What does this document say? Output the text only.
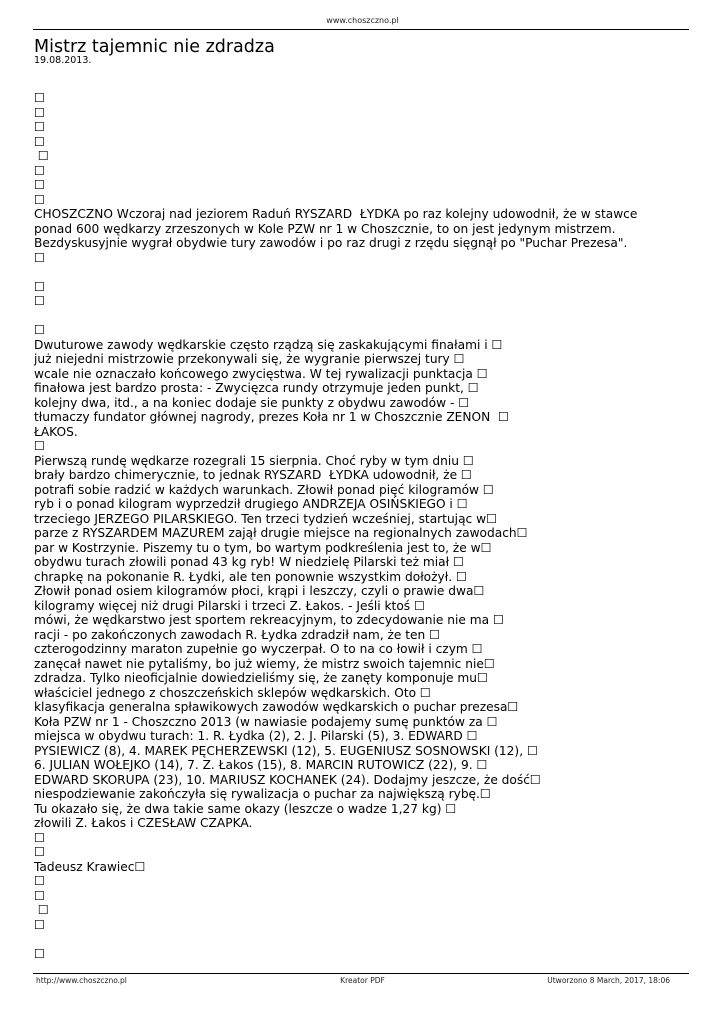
www.choszczno.pl
Mistrz tajemnic nie zdradza
19.08.2013.
☐
☐
☐
☐
☐
☐
☐
☐
CHOSZCZNO Wczoraj nad jeziorem Raduń RYSZARD  ŁYDKA po raz kolejny udowodnił, że w stawce
ponad 600 wędkarzy zrzeszonych w Kole PZW nr 1 w Choszcznie, to on jest jedynym mistrzem.
Bezdyskusyjnie wygrał obydwie tury zawodów i po raz drugi z rzędu sięgnął po "Puchar Prezesa".
☐
☐
☐
☐
Dwuturowe zawody wędkarskie często rządzą się zaskakującymi finałami i ☐
już niejedni mistrzowie przekonywali się, że wygranie pierwszej tury ☐
wcale nie oznaczało końcowego zwycięstwa. W tej rywalizacji punktacja ☐
finałowa jest bardzo prosta: - Zwycięzca rundy otrzymuje jeden punkt, ☐
kolejny dwa, itd., a na koniec dodaje sie punkty z obydwu zawodów - ☐
tłumaczy fundator głównej nagrody, prezes Koła nr 1 w Choszcznie ZENON  ☐
ŁAKOS.
☐
Pierwszą rundę wędkarze rozegrali 15 sierpnia. Choć ryby w tym dniu ☐
brały bardzo chimerycznie, to jednak RYSZARD  ŁYDKA udowodnił, że ☐
potrafi sobie radzić w każdych warunkach. Złowił ponad pięć kilogramów ☐
ryb i o ponad kilogram wyprzedził drugiego ANDRZEJA OSIŃSKIEGO i ☐
trzeciego JERZEGO PILARSKIEGO. Ten trzeci tydzień wcześniej, startując w☐
parze z RYSZARDEM MAZUREM zajął drugie miejsce na regionalnych zawodach☐
par w Kostrzynie. Piszemy tu o tym, bo wartym podkreślenia jest to, że w☐
obydwu turach złowili ponad 43 kg ryb! W niedzielę Pilarski też miał ☐
chrapkę na pokonanie R. Łydki, ale ten ponownie wszystkim dołożył. ☐
Złowił ponad osiem kilogramów płoci, krąpi i leszczy, czyli o prawie dwa☐
kilogramy więcej niż drugi Pilarski i trzeci Z. Łakos. - Jeśli ktoś ☐
mówi, że wędkarstwo jest sportem rekreacyjnym, to zdecydowanie nie ma ☐
racji - po zakończonych zawodach R. Łydka zdradził nam, że ten ☐
czterogodzinny maraton zupełnie go wyczerpał. O to na co łowił i czym ☐
zanęcał nawet nie pytaliśmy, bo już wiemy, że mistrz swoich tajemnic nie☐
zdradza. Tylko nieoficjalnie dowiedzieliśmy się, że zanęty komponuje mu☐
właściciel jednego z choszczeńskich sklepów wędkarskich. Oto ☐
klasyfikacja generalna spławikowych zawodów wędkarskich o puchar prezesa☐
Koła PZW nr 1 - Choszczno 2013 (w nawiasie podajemy sumę punktów za ☐
miejsca w obydwu turach: 1. R. Łydka (2), 2. J. Pilarski (5), 3. EDWARD ☐
PYSIEWICZ (8), 4. MAREK PĘCHERZEWSKI (12), 5. EUGENIUSZ SOSNOWSKI (12), ☐
6. JULIAN WOŁEJKO (14), 7. Z. Łakos (15), 8. MARCIN RUTOWICZ (22), 9. ☐
EDWARD SKORUPA (23), 10. MARIUSZ KOCHANEK (24). Dodajmy jeszcze, że dość☐
niespodziewanie zakończyła się rywalizacja o puchar za największą rybę.☐
Tu okazało się, że dwa takie same okazy (leszcze o wadze 1,27 kg) ☐
złowili Z. Łakos i CZESŁAW CZAPKA.
☐
☐
Tadeusz Krawiec☐
☐
☐
☐
☐
☐
http://www.choszczno.pl	Kreator PDF	Utworzono 8 March, 2017, 18:06
